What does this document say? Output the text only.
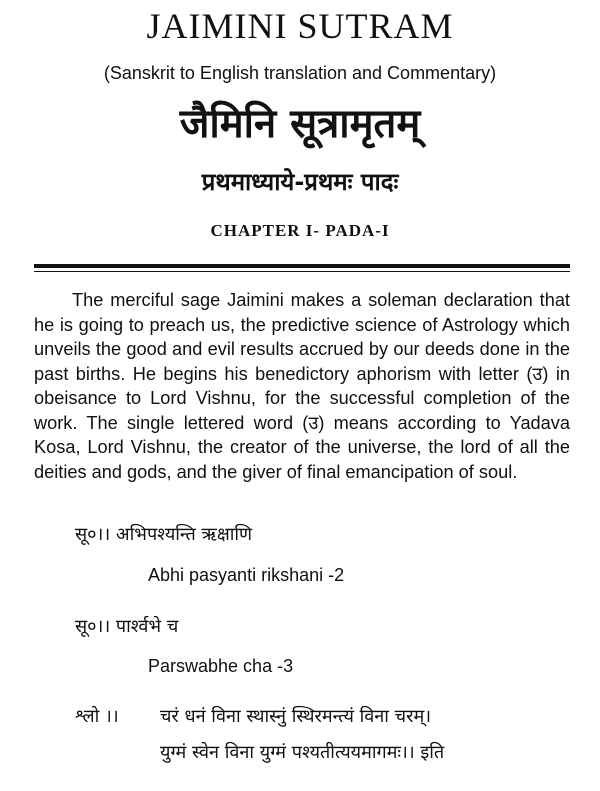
JAIMINI SUTRAM
(Sanskrit to English translation and Commentary)
जैमिनि सूत्रामृतम्
प्रथमाध्याये-प्रथमः पादः
CHAPTER I- PADA-I
The merciful sage Jaimini makes a soleman declaration that he is going to preach us, the predictive science of Astrology which unveils the good and evil results accrued by our deeds done in the past births. He begins his benedictory aphorism with letter (उ) in obeisance to Lord Vishnu, for the successful completion of the work. The single lettered word (उ) means according to Yadava Kosa, Lord Vishnu, the creator of the universe, the lord of all the deities and gods, and the giver of final emancipation of soul.
सू०।। अभिपश्यन्ति ऋक्षाणि
Abhi pasyanti rikshani -2
सू०।। पार्श्वभे च
Parswabhe cha -3
श्लो ।। चरं धनं विना स्थास्नुं स्थिरमन्त्यं विना चरम्।
युग्मं स्वेन विना युग्मं पश्यतीत्ययमागमः।। इति
